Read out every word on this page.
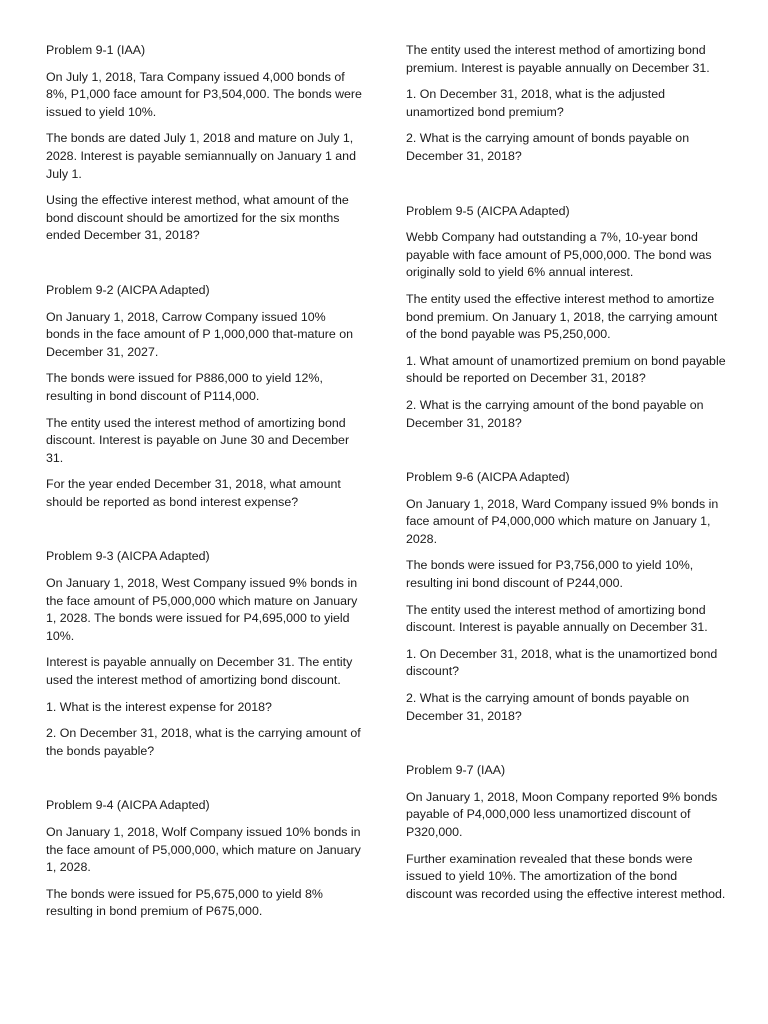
Problem 9-1 (IAA)

On July 1, 2018, Tara Company issued 4,000 bonds of 8%, P1,000 face amount for P3,504,000. The bonds were issued to yield 10%.

The bonds are dated July 1, 2018 and mature on July 1, 2028. Interest is payable semiannually on January 1 and July 1.

Using the effective interest method, what amount of the bond discount should be amortized for the six months ended December 31, 2018?

Problem 9-2 (AICPA Adapted)

On January 1, 2018, Carrow Company issued 10% bonds in the face amount of P 1,000,000 that-mature on December 31, 2027.

The bonds were issued for P886,000 to yield 12%, resulting in bond discount of P114,000.

The entity used the interest method of amortizing bond discount. Interest is payable on June 30 and December 31.

For the year ended December 31, 2018, what amount should be reported as bond interest expense?

Problem 9-3 (AICPA Adapted)

On January 1, 2018, West Company issued 9% bonds in the face amount of P5,000,000 which mature on January 1, 2028. The bonds were issued for P4,695,000 to yield 10%.

Interest is payable annually on December 31. The entity used the interest method of amortizing bond discount.

1. What is the interest expense for 2018?

2. On December 31, 2018, what is the carrying amount of the bonds payable?

Problem 9-4 (AICPA Adapted)

On January 1, 2018, Wolf Company issued 10% bonds in the face amount of P5,000,000, which mature on January 1, 2028.

The bonds were issued for P5,675,000 to yield 8% resulting in bond premium of P675,000.

The entity used the interest method of amortizing bond premium. Interest is payable annually on December 31.

1. On December 31, 2018, what is the adjusted unamortized bond premium?

2. What is the carrying amount of bonds payable on December 31, 2018?

Problem 9-5 (AICPA Adapted)

Webb Company had outstanding a 7%, 10-year bond payable with face amount of P5,000,000. The bond was originally sold to yield 6% annual interest.

The entity used the effective interest method to amortize bond premium. On January 1, 2018, the carrying amount of the bond payable was P5,250,000.

1. What amount of unamortized premium on bond payable should be reported on December 31, 2018?

2. What is the carrying amount of the bond payable on December 31, 2018?

Problem 9-6 (AICPA Adapted)

On January 1, 2018, Ward Company issued 9% bonds in face amount of P4,000,000 which mature on January 1, 2028.

The bonds were issued for P3,756,000 to yield 10%, resulting ini bond discount of P244,000.

The entity used the interest method of amortizing bond discount. Interest is payable annually on December 31.

1. On December 31, 2018, what is the unamortized bond discount?

2. What is the carrying amount of bonds payable on December 31, 2018?

Problem 9-7 (IAA)

On January 1, 2018, Moon Company reported 9% bonds payable of P4,000,000 less unamortized discount of P320,000.

Further examination revealed that these bonds were issued to yield 10%. The amortization of the bond discount was recorded using the effective interest method.
